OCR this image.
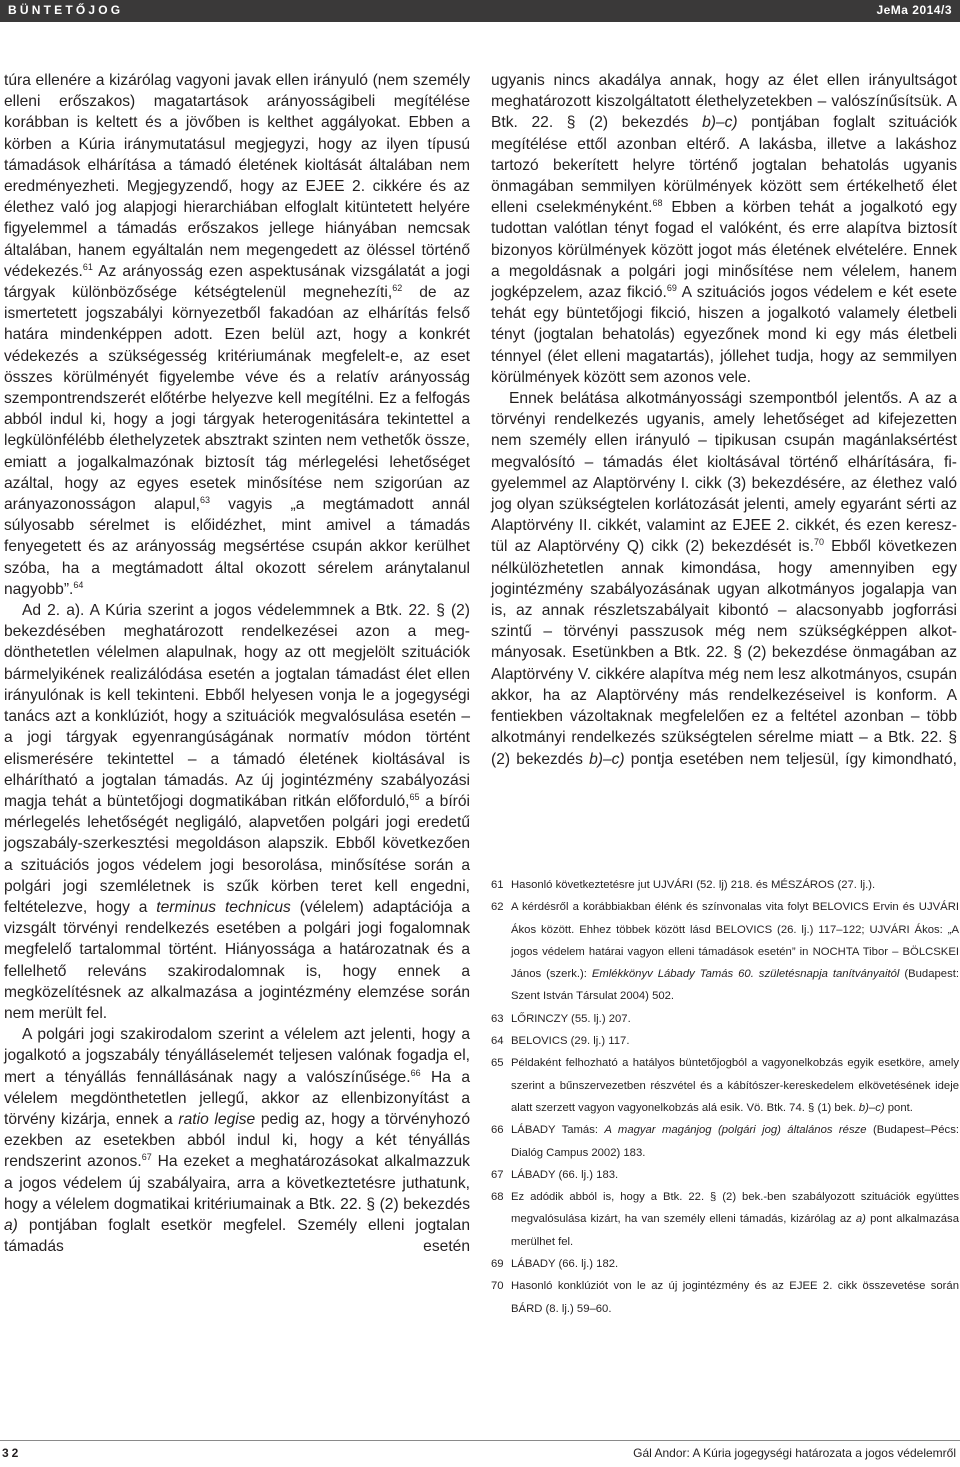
BÜNTETŐJOG	JeMa 2014/3

túra ellenére a kizárólag vagyoni javak ellen irányuló (nem személy elleni erőszakos) magatartások arányosságibeli megítélése korábban is keltett és a jövőben is kelthet aggályokat. Ebben a körben a Kúria iránymutatásul megjegyzi, hogy az ilyen típusú támadások elhárítása a támadó életének kioltását általában nem eredményezheti. Megjegyzendő, hogy az EJEE 2. cikkére és az élethez való jog alapjogi hierarchiában elfoglalt kitüntetett helyére figyelemmel a támadás erőszakos jellege hiányában nemcsak általában, hanem egyáltalán nem megengedett az öléssel történő védekezés.$^{61}$ Az arányosság ezen aspektusának vizsgálatát a jogi tárgyak különbözősége kétségtelenül megnehezíti,$^{62}$ de az ismertetett jogszabályi környezetből fakadóan az elhárítás felső határa mindenképpen adott. Ezen belül azt, hogy a konkrét védekezés a szükségesség kritériumának megfelelt-e, az eset összes körülményét figyelembe véve és a relatív arányosság szempontrendszerét előtérbe helyezve kell megítélni. Ez a felfogás abból indul ki, hogy a jogi tárgyak heterogenitására tekintettel a legkülönfélébb élethelyzetek absztrakt szinten nem vethetők össze, emiatt a jogalkalmazónak biztosít tág mérlegelési lehetőséget azáltal, hogy az egyes esetek minősítése nem szigorúan az arányazonosságon alapul,$^{63}$ vagyis „a megtámadott annál súlyosabb sérelmet is előidézhet, mint amivel a támadás fenyegetett és az arányosság megsértése csupán akkor kerülhet szóba, ha a megtámadott által okozott sérelem aránytalanul nagyobb”.$^{64}$

Ad 2. a). A Kúria szerint a jogos védelemmnek a Btk. 22. § (2) bekezdésében meghatározott rendelkezései azon a megdönthetetlen vélelmen alapulnak, hogy az ott megjelölt szituációk bármelyikének realizálódása esetén a jogtalan támadást élet ellen irányulónak is kell tekinteni. Ebből helyesen vonja le a jogegységi tanács azt a konklúziót, hogy a szituációk megvalósulása esetén – a jogi tárgyak egyenrangúságának normatív módon történt elismerésére tekintettel – a támadó életének kioltásával is elhárítható a jogtalan támadás. Az új jogintézmény szabályozási magja tehát a büntetőjogi dogmatikában ritkán előforduló,$^{65}$ a bírói mérlegelés lehetőségét negligáló, alapvetően polgári jogi eredetű jogszabály-szerkesztési megoldáson alapszik. Ebből következően a szituációs jogos védelem jogi besorolása, minősítése során a polgári jogi szemléletnek is szűk körben teret kell engedni, feltételezve, hogy a terminus technicus (vélelem) adaptációja a vizsgált törvényi rendelkezés esetében a polgári jogi fogalomnak megfelelő tartalommal történt. Hiányossága a határozatnak és a fellelhető releváns szakirodalomnak is, hogy ennek a megközelítésnek az alkalmazása a jogintézmény elemzése során nem merült fel.

A polgári jogi szakirodalom szerint a vélelem azt jelenti, hogy a jogalkotó a jogszabály tényálláselemét teljesen valónak fogadja el, mert a tényállás fennállásának nagy a valószínűsége.$^{66}$ Ha a vélelem megdönthetetlen jellegű, akkor az ellenbizonyítást a törvény kizárja, ennek a ratio legise pedig az, hogy a törvényhozó ezekben az esetekben abból indul ki, hogy a két tényállás rendszerint azonos.$^{67}$ Ha ezeket a meghatározásokat alkalmazzuk a jogos védelem új szabályaira, arra a következtetésre juthatunk, hogy a vélelem dogmatikai kritériumainak a Btk. 22. § (2) bekezdés a) pontjában foglalt esetkör megfelel. Személy elleni jogtalan támadás esetén

ugyanis nincs akadálya annak, hogy az élet ellen irányultságot meghatározott kiszolgáltatott élethelyzetekben – valószínűsítsük. A Btk. 22. § (2) bekezdés b)–c) pontjában foglalt szituációk megítélése ettől azonban eltérő. A lakásba, illetve a lakáshoz tartozó bekerített helyre történő jogtalan behatolás ugyanis önmagában semmilyen körülmények között sem értékelhető élet elleni cselekményként.$^{68}$ Ebben a körben tehát a jogalkotó egy tudottan valótlan tényt fogad el valóként, és erre alapítva biztosít bizonyos körülmények között jogot más életének elvételére. Ennek a megoldásnak a polgári jogi minősítése nem vélelem, hanem jogképzelem, azaz fikció.$^{69}$ A szituációs jogos védelem e két esete tehát egy büntetőjogi fikció, hiszen a jogalkotó valamely életbeli tényt (jogtalan behatolás) egyezőnek mond ki egy más életbeli ténnyel (élet elleni magatartás), jóllehet tudja, hogy az semmilyen körülmények között sem azonos vele.

Ennek belátása alkotmányossági szempontból jelentős. A az a törvényi rendelkezés ugyanis, amely lehetőséget ad kifejezetten nem személy ellen irányuló – tipikusan csupán magánlaksértést megvalósító – támadás élet kioltásával történő elhárítására, figyelemmel az Alaptörvény I. cikk (3) bekezdésére, az élethez való jog olyan szükségtelen korlátozását jelenti, amely egyaránt sérti az Alaptörvény II. cikkét, valamint az EJEE 2. cikkét, és ezen keresztül az Alaptörvény Q) cikk (2) bekezdését is.$^{70}$ Ebből következen nélkülözhetetlen annak kimondása, hogy amennyiben egy jogintézmény szabályozásának ugyan alkotmányos jogalapja van is, az annak részletszabályait kibontó – alacsonyabb jogforrási szintű – törvényi passzusok még nem szükségképpen alkotmányosak. Esetünkben a Btk. 22. § (2) bekezdése önmagában az Alaptörvény V. cikkére alapítva még nem lesz alkotmányos, csupán akkor, ha az Alaptörvény más rendelkezéseivel is konform. A fentiekben vázoltaknak megfelelően ez a feltétel azonban – több alkotmányi rendelkezés szükségtelen sérelme miatt – a Btk. 22. § (2) bekezdés b)–c) pontja esetében nem teljesül, így kimondható,

61 Hasonló következtetésre jut UJVÁRI (52. lj) 218. és MÉSZÁROS (27. lj.).
62 A kérdésről a korábbiakban élénk és színvonalas vita folyt BELOVICS Ervin és UJVÁRI Ákos között. Ehhez többek között lásd BELOVICS (26. lj.) 117–122; UJVÁRI Ákos: „A jogos védelem határai vagyon elleni támadások esetén” in NOCHTA Tibor – BÖLCSKEI János (szerk.): Emlékkönyv Lábady Tamás 60. születésnapja tanítványaitól (Budapest: Szent István Társulat 2004) 502.
63 LŐRINCZY (55. lj.) 207.
64 BELOVICS (29. lj.) 117.
65 Példaként felhozható a hatályos büntetőjogból a vagyonelkobzás egyik esetköre, amely szerint a bűnszervezetben részvétel és a kábítószer-kereskedelem elkövetésének ideje alatt szerzett vagyon vagyonelkobzás alá esik. Vö. Btk. 74. § (1) bek. b)–c) pont.
66 LÁBADY Tamás: A magyar magánjog (polgári jog) általános része (Budapest–Pécs: Dialóg Campus 2002) 183.
67 LÁBADY (66. lj.) 183.
68 Ez adódik abból is, hogy a Btk. 22. § (2) bek.-ben szabályozott szituációk együttes megvalósulása kizárt, ha van személy elleni támadás, kizárólag az a) pont alkalmazása merülhet fel.
69 LÁBADY (66. lj.) 182.
70 Hasonló konklúziót von le az új jogintézmény és az EJEE 2. cikk összevetése során BÁRD (8. lj.) 59–60.
32	Gál Andor: A Kúria jogegységi határozata a jogos védelemről
